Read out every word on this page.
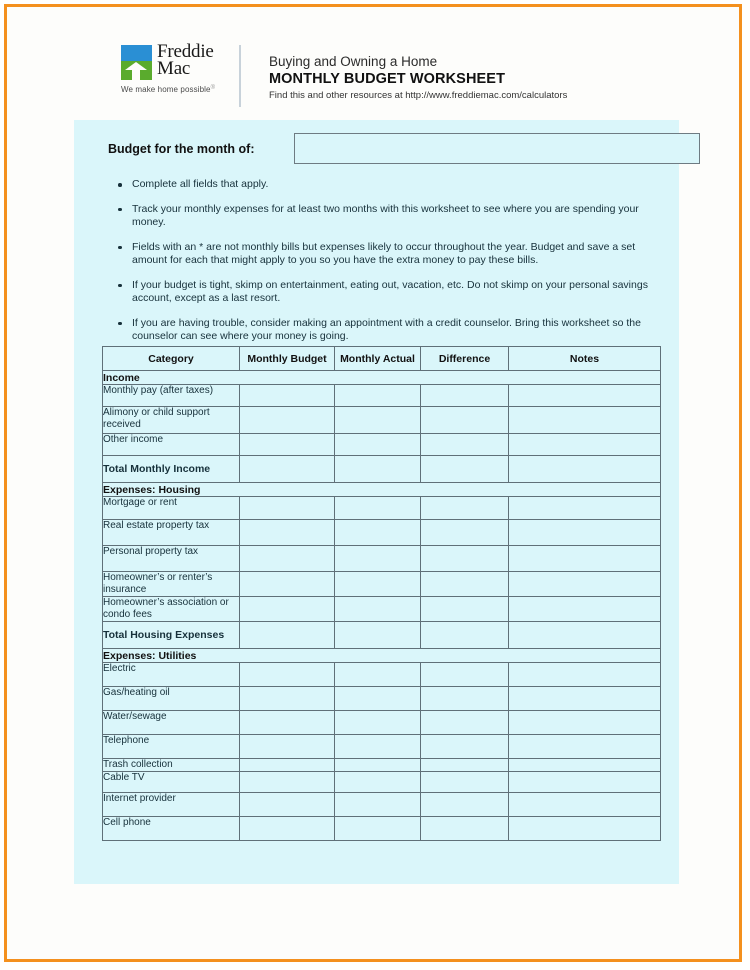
Freddie
Mac
We make home possible®
Buying and Owning a Home
MONTHLY BUDGET WORKSHEET
Find this and other resources at http://www.freddiemac.com/calculators
Budget for the month of:
Complete all fields that apply.
Track your monthly expenses for at least two months with this worksheet to see where you are spending your money.
Fields with an * are not monthly bills but expenses likely to occur throughout the year. Budget and save a set amount for each that might apply to you so you have the extra money to pay these bills.
If your budget is tight, skimp on entertainment, eating out, vacation, etc. Do not skimp on your personal savings account, except as a last resort.
If you are having trouble, consider making an appointment with a credit counselor. Bring this worksheet so the counselor can see where your money is going.
Category	Monthly Budget	Monthly Actual	Difference	Notes
Income				
Monthly pay (after taxes)				
Alimony or child support received				
Other income				
Total Monthly Income				
Expenses: Housing				
Mortgage or rent				
Real estate property tax				
Personal property tax				
Homeowner’s or renter’s insurance				
Homeowner’s association or condo fees				
Total Housing Expenses				
Expenses: Utilities				
Electric				
Gas/heating oil				
Water/sewage				
Telephone				
Trash collection				
Cable TV				
Internet provider				
Cell phone				
